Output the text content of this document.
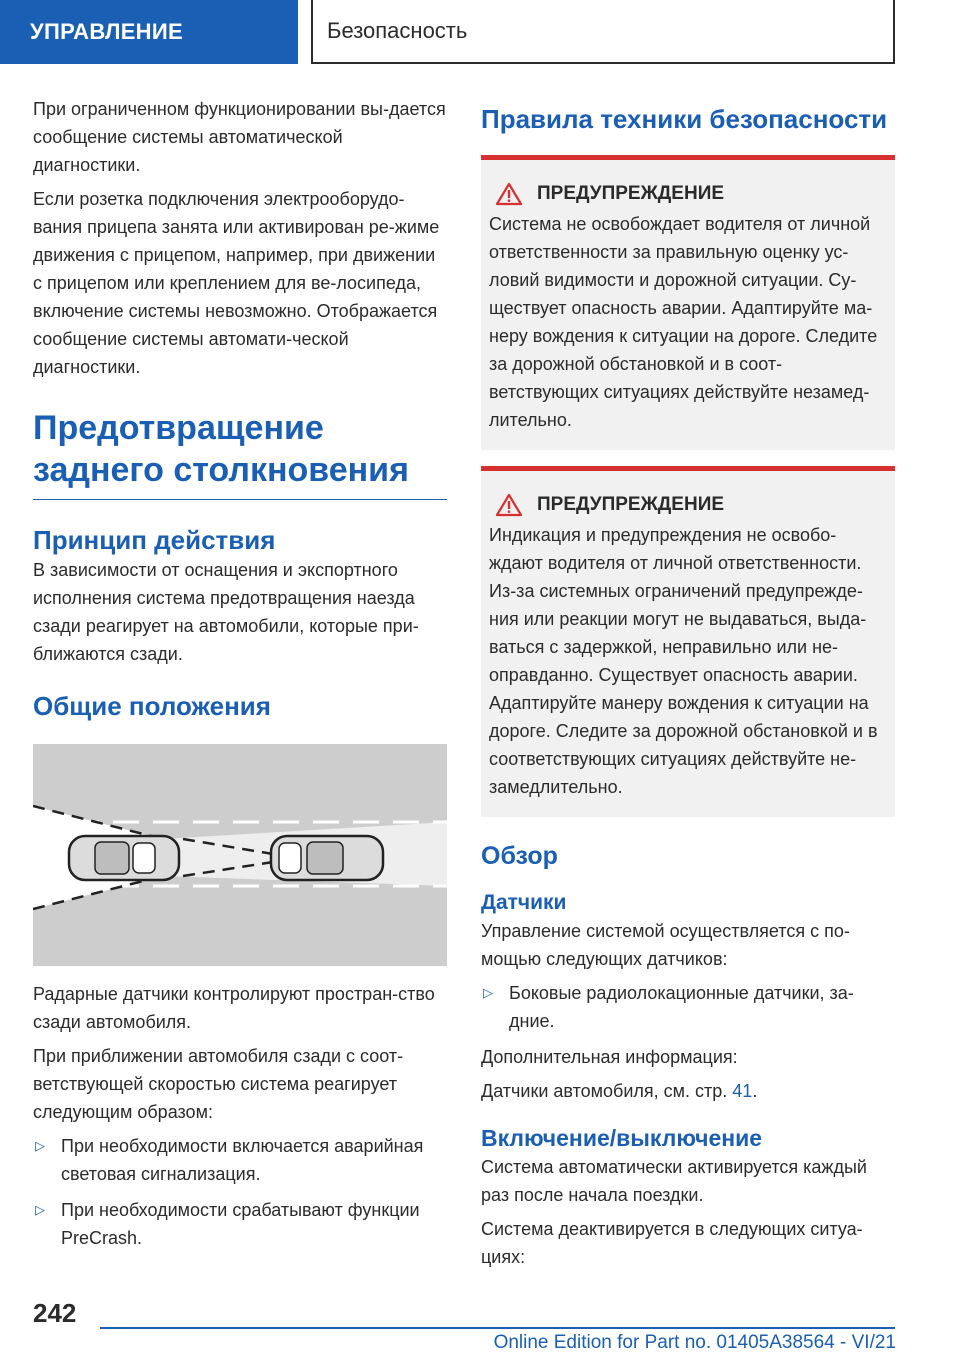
УПРАВЛЕНИЕ	Безопасность

При ограниченном функционировании вы-дается сообщение системы автоматической диагностики.

Если розетка подключения электрооборудо-вания прицепа занята или активирован ре-жиме движения с прицепом, например, при движении с прицепом или креплением для ве-лосипеда, включение системы невозможно. Отображается сообщение системы автомати-ческой диагностики.

Предотвращение заднего столкновения
Принцип действия

В зависимости от оснащения и экспортного исполнения система предотвращения наезда сзади реагирует на автомобили, которые при-ближаются сзади.

Общие положения

Радарные датчики контролируют простран-ство сзади автомобиля.

При приближении автомобиля сзади с соот-ветствующей скоростью система реагирует следующим образом:

▷ При необходимости включается аварийная световая сигнализация.
▷ При необходимости срабатывают функции PreCrash.
Правила техники безопасности
ПРЕДУПРЕЖДЕНИЕ

Система не освобождает водителя от личной ответственности за правильную оценку ус-ловий видимости и дорожной ситуации. Су-ществует опасность аварии. Адаптируйте ма-неру вождения к ситуации на дороге. Следите за дорожной обстановкой и в соот-ветствующих ситуациях действуйте незамед-лительно.

ПРЕДУПРЕЖДЕНИЕ

Индикация и предупреждения не освобо-ждают водителя от личной ответственности. Из-за системных ограничений предупрежде-ния или реакции могут не выдаваться, выда-ваться с задержкой, неправильно или не-оправданно. Существует опасность аварии. Адаптируйте манеру вождения к ситуации на дороге. Следите за дорожной обстановкой и в соответствующих ситуациях действуйте не-замедлительно.

Обзор
Датчики

Управление системой осуществляется с по-мощью следующих датчиков:

▷ Боковые радиолокационные датчики, за-дние.

Дополнительная информация:

Датчики автомобиля, см. стр. 41.

Включение/выключение

Система автоматически активируется каждый раз после начала поездки.

Система деактивируется в следующих ситуа-циях:

242
Online Edition for Part no. 01405A38564 - VI/21
